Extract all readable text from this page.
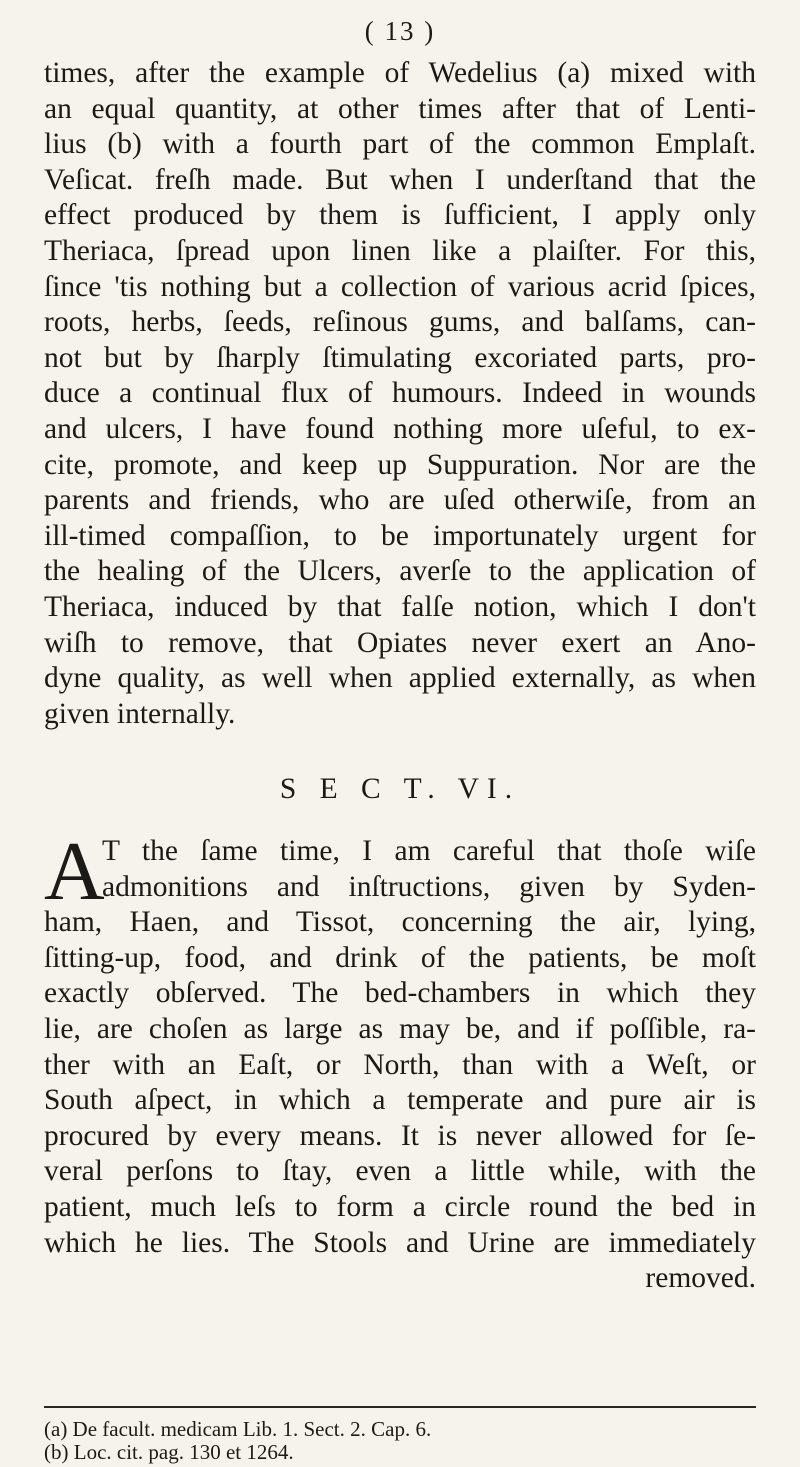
( 13 )
times, after the example of Wedelius (a) mixed with
an equal quantity, at other times after that of Lenti-
lius (b) with a fourth part of the common Emplaſt.
Veſicat. freſh made. But when I underſtand that the
effect produced by them is ſufficient, I apply only
Theriaca, ſpread upon linen like a plaiſter. For this,
ſince 'tis nothing but a collection of various acrid ſpices,
roots, herbs, ſeeds, reſinous gums, and balſams, can-
not but by ſharply ſtimulating excoriated parts, pro-
duce a continual flux of humours. Indeed in wounds
and ulcers, I have found nothing more uſeful, to ex-
cite, promote, and keep up Suppuration. Nor are the
parents and friends, who are uſed otherwiſe, from an
ill-timed compaſſion, to be importunately urgent for
the healing of the Ulcers, averſe to the application of
Theriaca, induced by that falſe notion, which I don't
wiſh to remove, that Opiates never exert an Ano-
dyne quality, as well when applied externally, as when
given internally.
S E C T. VI.
A
T the ſame time, I am careful that thoſe wiſe
admonitions and inſtructions, given by Syden-
ham, Haen, and Tissot, concerning the air, lying,
ſitting-up, food, and drink of the patients, be moſt
exactly obſerved. The bed-chambers in which they
lie, are choſen as large as may be, and if poſſible, ra-
ther with an Eaſt, or North, than with a Weſt, or
South aſpect, in which a temperate and pure air is
procured by every means. It is never allowed for ſe-
veral perſons to ſtay, even a little while, with the
patient, much leſs to form a circle round the bed in
which he lies. The Stools and Urine are immediately
removed.
(a) De facult. medicam Lib. 1. Sect. 2. Cap. 6.
(b) Loc. cit. pag. 130 et 1264.
